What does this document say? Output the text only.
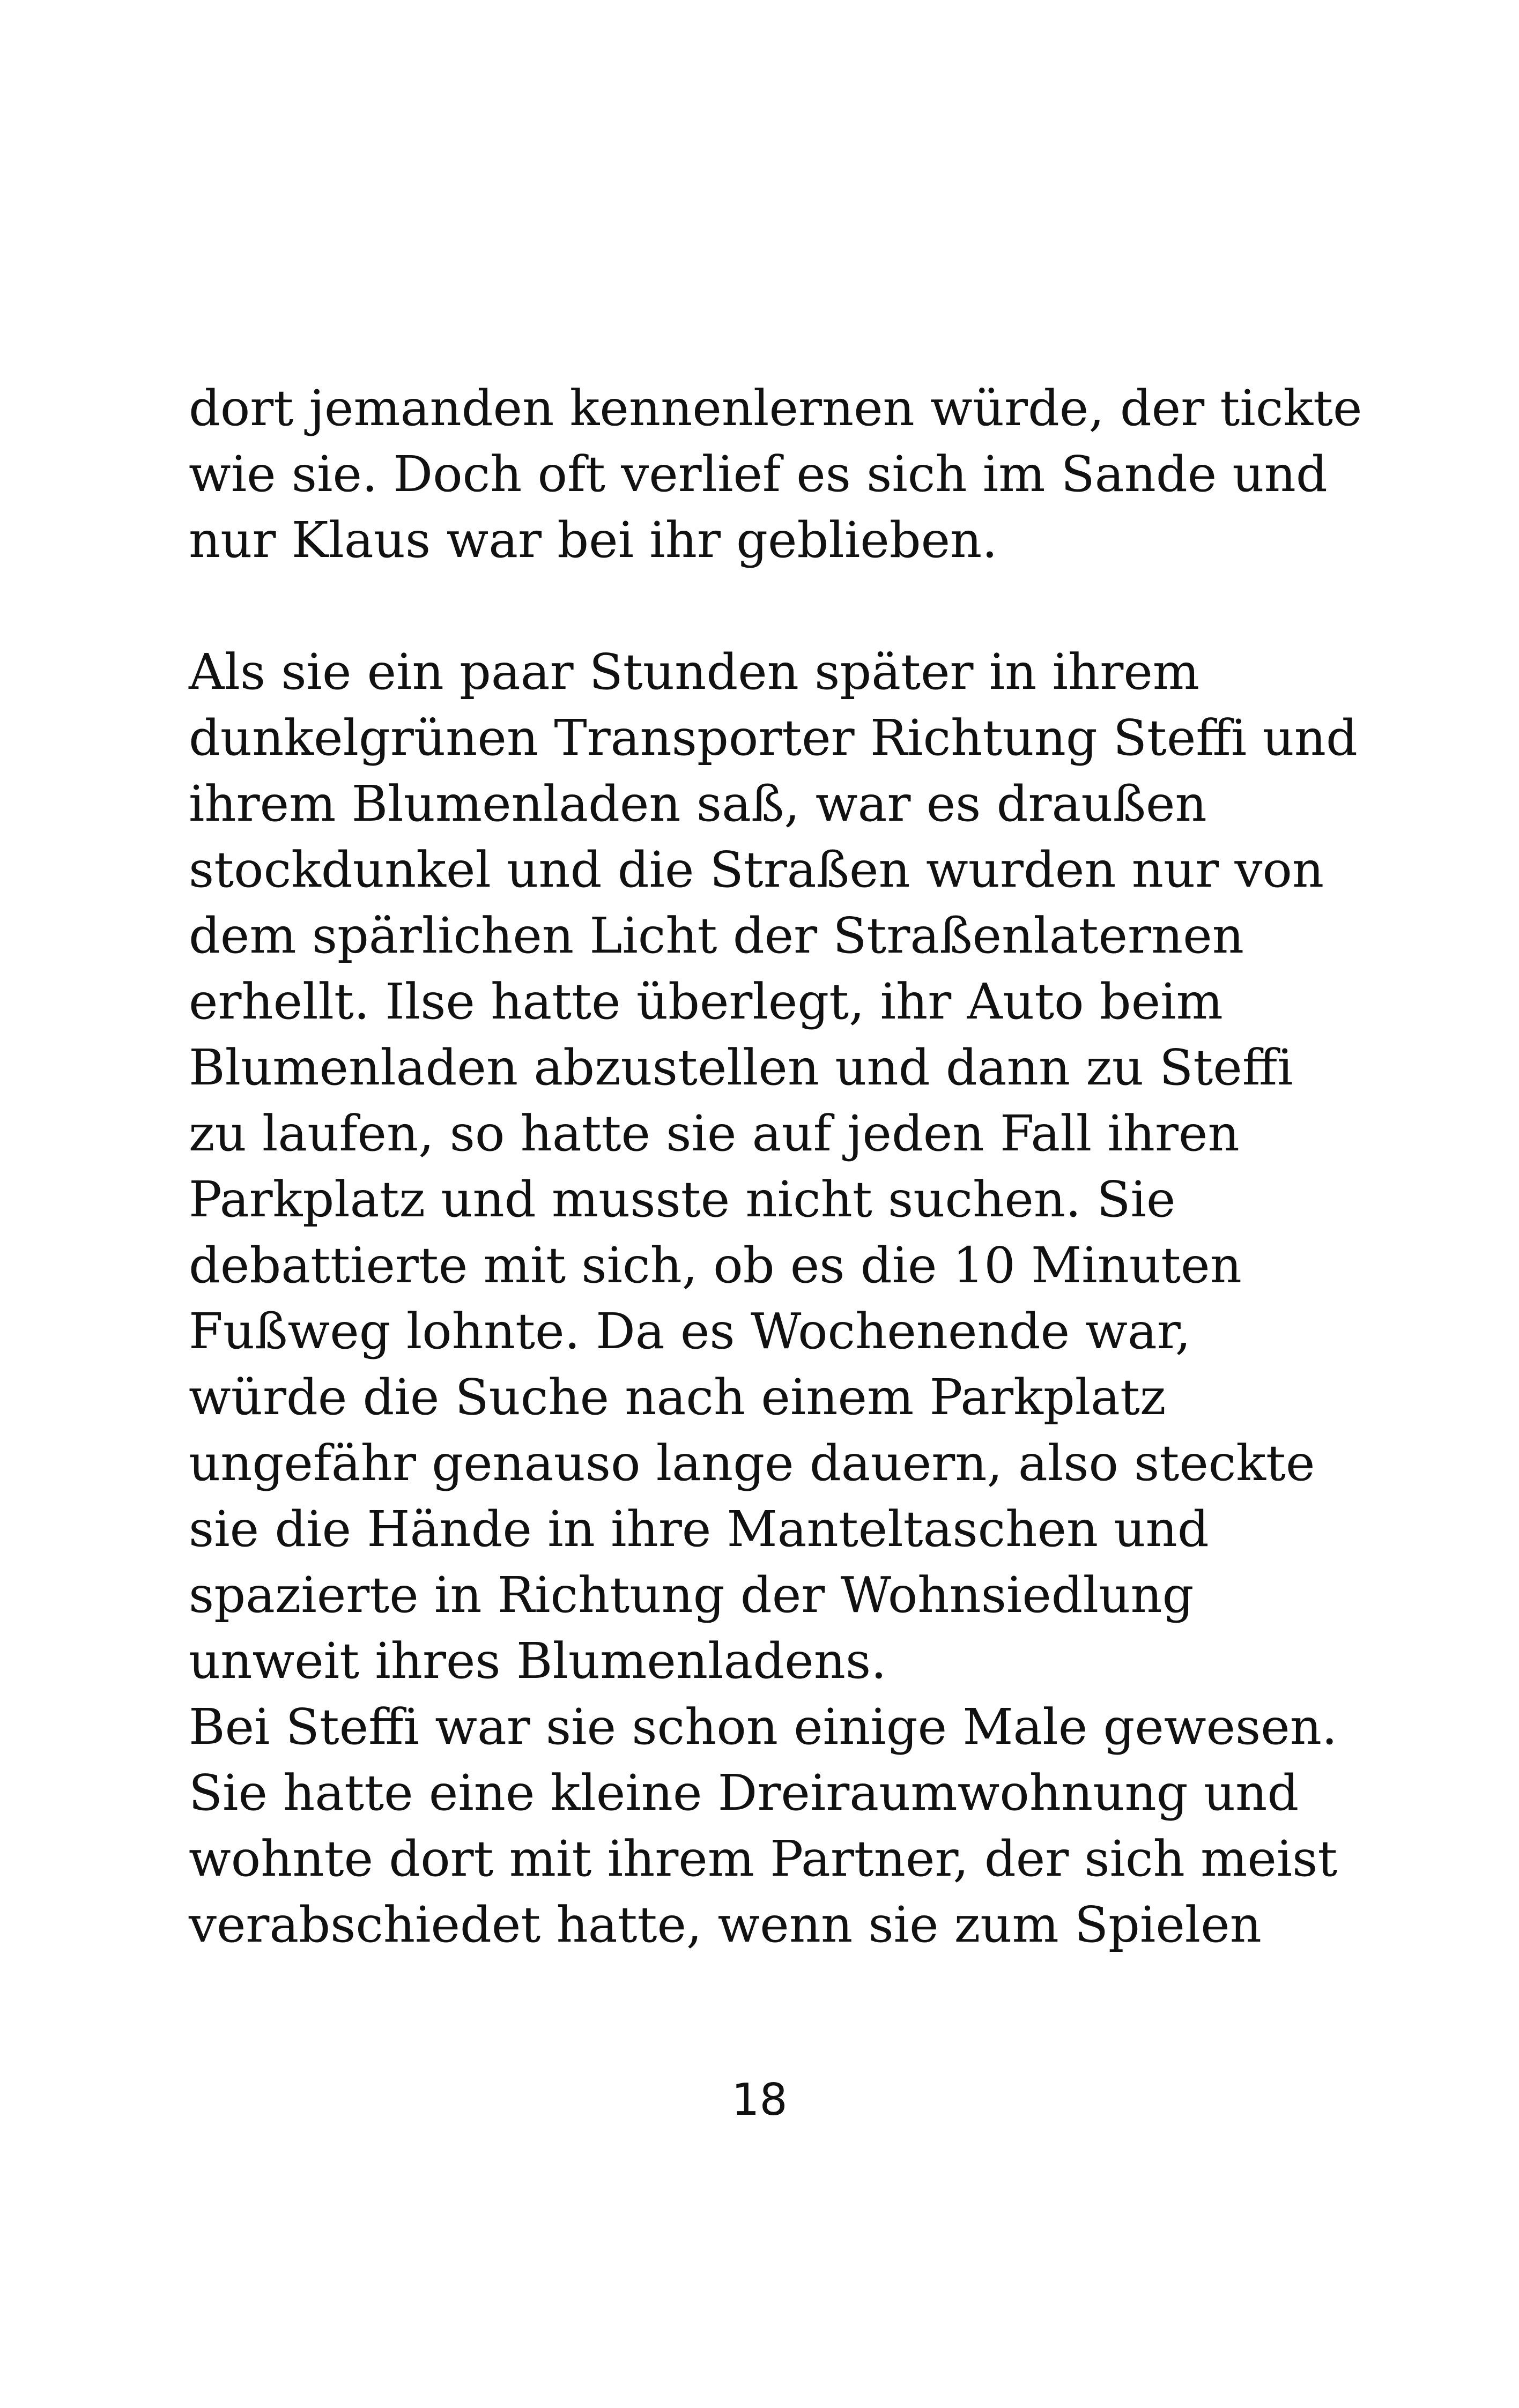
dort jemanden kennenlernen würde, der tickte
wie sie. Doch oft verlief es sich im Sande und
nur Klaus war bei ihr geblieben.
Als sie ein paar Stunden später in ihrem
dunkelgrünen Transporter Richtung Steffi und
ihrem Blumenladen saß, war es draußen
stockdunkel und die Straßen wurden nur von
dem spärlichen Licht der Straßenlaternen
erhellt. Ilse hatte überlegt, ihr Auto beim
Blumenladen abzustellen und dann zu Steffi
zu laufen, so hatte sie auf jeden Fall ihren
Parkplatz und musste nicht suchen. Sie
debattierte mit sich, ob es die 10 Minuten
Fußweg lohnte. Da es Wochenende war,
würde die Suche nach einem Parkplatz
ungefähr genauso lange dauern, also steckte
sie die Hände in ihre Manteltaschen und
spazierte in Richtung der Wohnsiedlung
unweit ihres Blumenladens.
Bei Steffi war sie schon einige Male gewesen.
Sie hatte eine kleine Dreiraumwohnung und
wohnte dort mit ihrem Partner, der sich meist
verabschiedet hatte, wenn sie zum Spielen
18
